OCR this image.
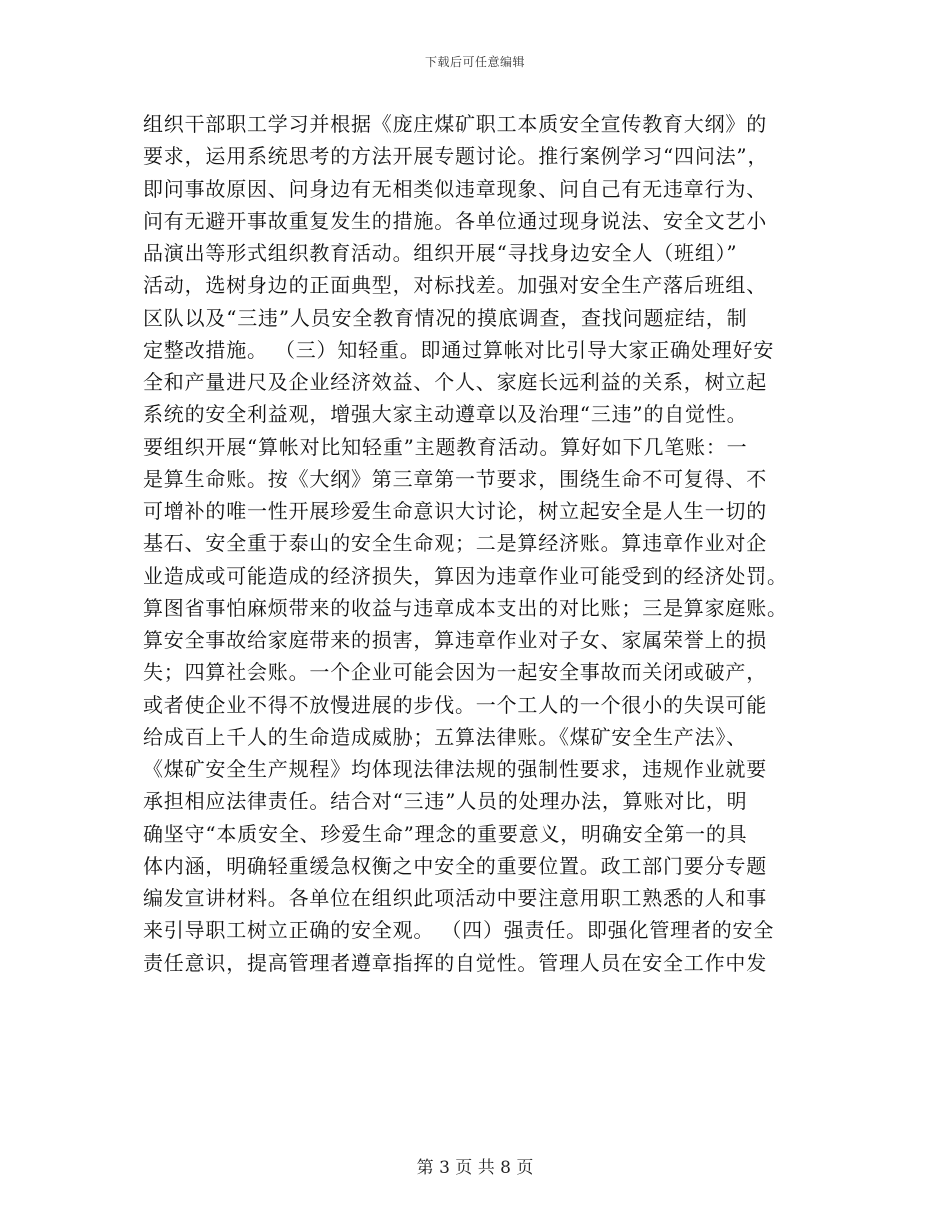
下载后可任意编辑
组织干部职工学习并根据《庞庄煤矿职工本质安全宣传教育大纲》的
要求，运用系统思考的方法开展专题讨论。推行案例学习“四问法”，
即问事故原因、问身边有无相类似违章现象、问自己有无违章行为、
问有无避开事故重复发生的措施。各单位通过现身说法、安全文艺小
品演出等形式组织教育活动。组织开展“寻找身边安全人（班组）”
活动，选树身边的正面典型，对标找差。加强对安全生产落后班组、
区队以及“三违”人员安全教育情况的摸底调查，查找问题症结，制
定整改措施。 （三）知轻重。即通过算帐对比引导大家正确处理好安
全和产量进尺及企业经济效益、个人、家庭长远利益的关系，树立起
系统的安全利益观，增强大家主动遵章以及治理“三违”的自觉性。
要组织开展“算帐对比知轻重”主题教育活动。算好如下几笔账：一
是算生命账。按《大纲》第三章第一节要求，围绕生命不可复得、不
可增补的唯一性开展珍爱生命意识大讨论，树立起安全是人生一切的
基石、安全重于泰山的安全生命观；二是算经济账。算违章作业对企
业造成或可能造成的经济损失，算因为违章作业可能受到的经济处罚。
算图省事怕麻烦带来的收益与违章成本支出的对比账；三是算家庭账。
算安全事故给家庭带来的损害，算违章作业对子女、家属荣誉上的损
失；四算社会账。一个企业可能会因为一起安全事故而关闭或破产，
或者使企业不得不放慢进展的步伐。一个工人的一个很小的失误可能
给成百上千人的生命造成威胁；五算法律账。《煤矿安全生产法》、
《煤矿安全生产规程》均体现法律法规的强制性要求，违规作业就要
承担相应法律责任。结合对“三违”人员的处理办法，算账对比，明
确坚守“本质安全、珍爱生命”理念的重要意义，明确安全第一的具
体内涵，明确轻重缓急权衡之中安全的重要位置。政工部门要分专题
编发宣讲材料。各单位在组织此项活动中要注意用职工熟悉的人和事
来引导职工树立正确的安全观。 （四）强责任。即强化管理者的安全
责任意识，提高管理者遵章指挥的自觉性。管理人员在安全工作中发
第 3 页 共 8 页
